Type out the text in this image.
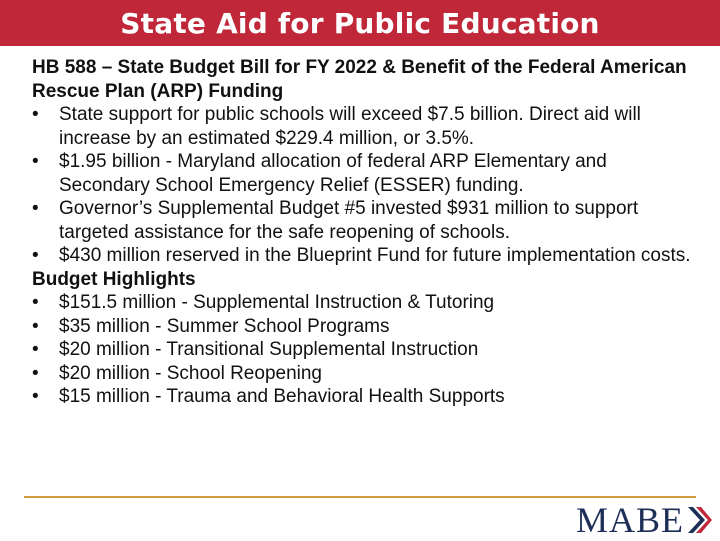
State Aid for Public Education
HB 588 – State Budget Bill for FY 2022 & Benefit of the Federal American Rescue Plan (ARP) Funding
• State support for public schools will exceed $7.5 billion. Direct aid will increase by an estimated $229.4 million, or 3.5%.
• $1.95 billion - Maryland allocation of federal ARP Elementary and Secondary School Emergency Relief (ESSER) funding.
• Governor’s Supplemental Budget #5 invested $931 million to support targeted assistance for the safe reopening of schools.
• $430 million reserved in the Blueprint Fund for future implementation costs.
Budget Highlights
• $151.5 million - Supplemental Instruction & Tutoring
• $35 million - Summer School Programs
• $20 million - Transitional Supplemental Instruction
• $20 million - School Reopening
• $15 million - Trauma and Behavioral Health Supports
MABE
